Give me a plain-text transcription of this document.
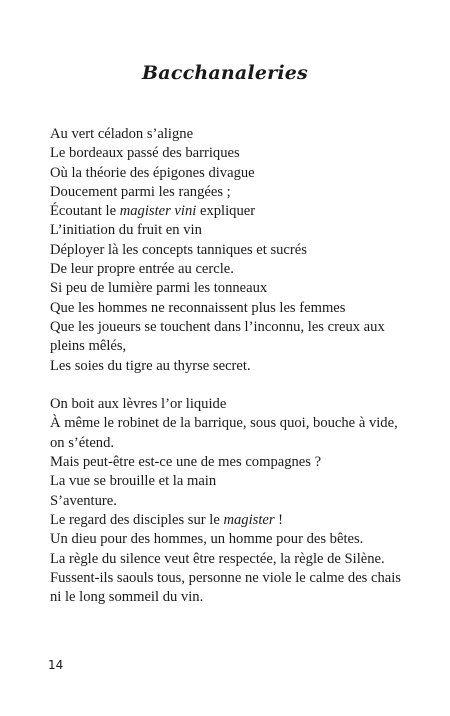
Bacchanaleries

Au vert céladon s’aligne
Le bordeaux passé des barriques
Où la théorie des épigones divague
Doucement parmi les rangées ;
Écoutant le magister vini expliquer
L’initiation du fruit en vin
Déployer là les concepts tanniques et sucrés
De leur propre entrée au cercle.
Si peu de lumière parmi les tonneaux
Que les hommes ne reconnaissent plus les femmes
Que les joueurs se touchent dans l’inconnu, les creux aux pleins mêlés,
Les soies du tigre au thyrse secret.

On boit aux lèvres l’or liquide
À même le robinet de la barrique, sous quoi, bouche à vide, on s’étend.
Mais peut-être est-ce une de mes compagnes ?
La vue se brouille et la main
S’aventure.
Le regard des disciples sur le magister !
Un dieu pour des hommes, un homme pour des bêtes.
La règle du silence veut être respectée, la règle de Silène.
Fussent-ils saouls tous, personne ne viole le calme des chais ni le long sommeil du vin.

14
